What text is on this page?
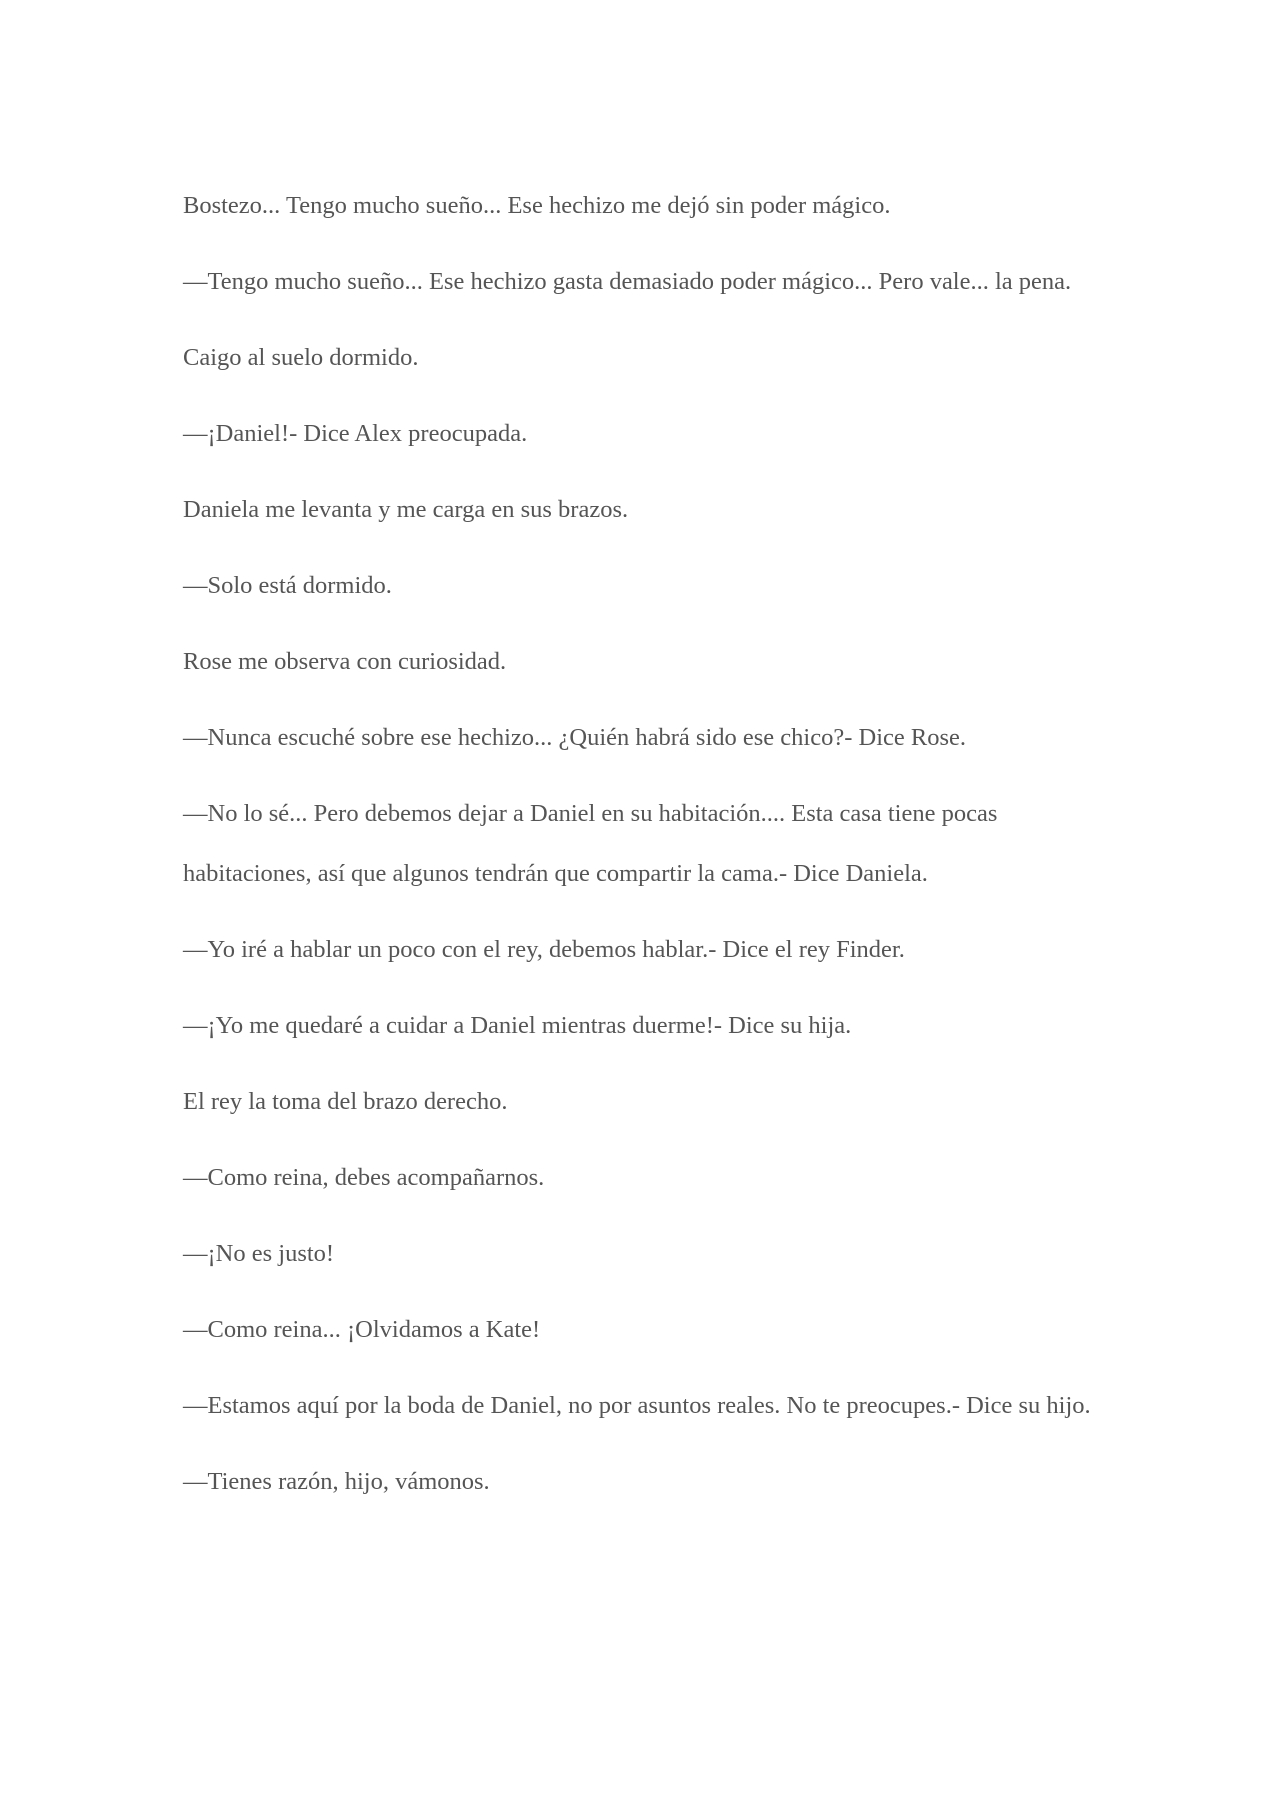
Bostezo... Tengo mucho sueño... Ese hechizo me dejó sin poder mágico.

—Tengo mucho sueño... Ese hechizo gasta demasiado poder mágico... Pero vale... la pena.

Caigo al suelo dormido.

—¡Daniel!- Dice Alex preocupada.

Daniela me levanta y me carga en sus brazos.

—Solo está dormido.

Rose me observa con curiosidad.

—Nunca escuché sobre ese hechizo... ¿Quién habrá sido ese chico?- Dice Rose.

—No lo sé... Pero debemos dejar a Daniel en su habitación.... Esta casa tiene pocas habitaciones, así que algunos tendrán que compartir la cama.- Dice Daniela.

—Yo iré a hablar un poco con el rey, debemos hablar.- Dice el rey Finder.

—¡Yo me quedaré a cuidar a Daniel mientras duerme!- Dice su hija.

El rey la toma del brazo derecho.

—Como reina, debes acompañarnos.

—¡No es justo!

—Como reina... ¡Olvidamos a Kate!

—Estamos aquí por la boda de Daniel, no por asuntos reales. No te preocupes.- Dice su hijo.

—Tienes razón, hijo, vámonos.
